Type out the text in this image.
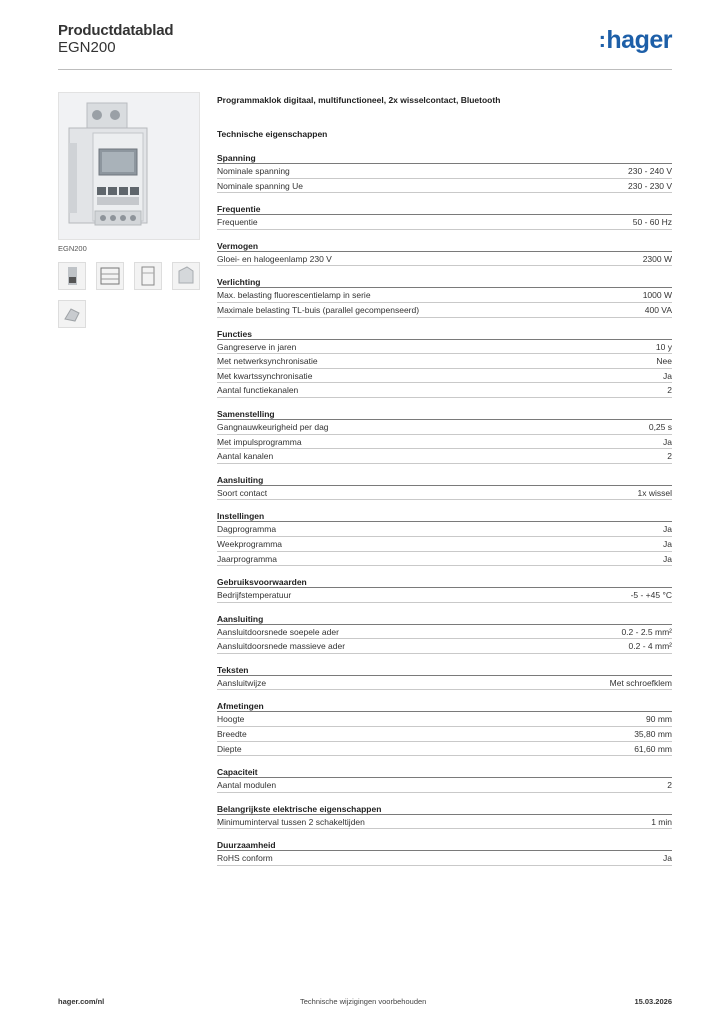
Productdatablad
EGN200	:hager
EGN200
Programmaklok digitaal, multifunctioneel, 2x wisselcontact, Bluetooth
Technische eigenschappen
Spanning
Nominale spanning	230 - 240 V
Nominale spanning Ue	230 - 230 V
Frequentie
Frequentie	50 - 60 Hz
Vermogen
Gloei- en halogeenlamp 230 V	2300 W
Verlichting
Max. belasting fluorescentielamp in serie	1000 W
Maximale belasting TL-buis (parallel gecompenseerd)	400 VA
Functies
Gangreserve in jaren	10 y
Met netwerksynchronisatie	Nee
Met kwartssynchronisatie	Ja
Aantal functiekanalen	2
Samenstelling
Gangnauwkeurigheid per dag	0,25 s
Met impulsprogramma	Ja
Aantal kanalen	2
Aansluiting
Soort contact	1x wissel
Instellingen
Dagprogramma	Ja
Weekprogramma	Ja
Jaarprogramma	Ja
Gebruiksvoorwaarden
Bedrijfstemperatuur	-5 - +45 °C
Aansluiting
Aansluitdoorsnede soepele ader	0.2 - 2.5 mm²
Aansluitdoorsnede massieve ader	0.2 - 4 mm²
Teksten
Aansluitwijze	Met schroefklem
Afmetingen
Hoogte	90 mm
Breedte	35,80 mm
Diepte	61,60 mm
Capaciteit
Aantal modulen	2
Belangrijkste elektrische eigenschappen
Minimuminterval tussen 2 schakeltijden	1 min
Duurzaamheid
RoHS conform	Ja
hager.com/nl	Technische wijzigingen voorbehouden	15.03.2026
